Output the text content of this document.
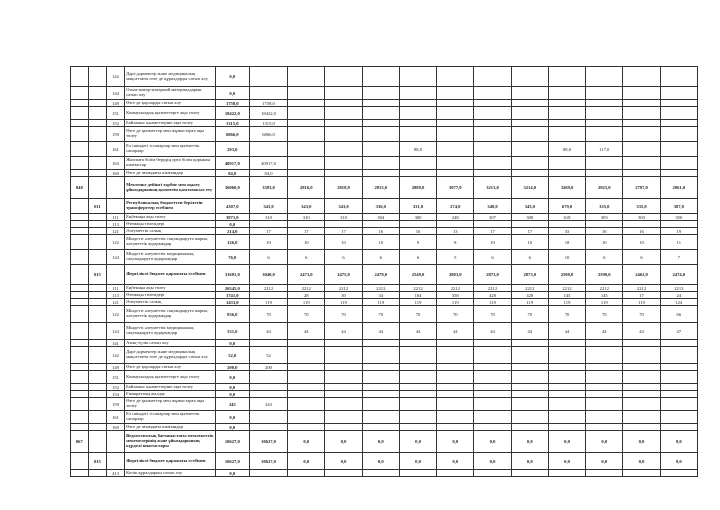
			142	Дәрі-дәрмектер және медициналық мақсаттағы өзге де құралдарды сатып алу	0,0												
			144	Отын-жағар-жағармай материалдарын сатып алу	0,0												
			149	Өзге де қорларды сатып алу	1758,0	1758,0											
			151	Коммуналдық қызметтерге ақы төлеу	18422,0	18422,0											
			152	Байланыс қызметтеріне ақы төлеу	1315,0	1315,0											
			159	Өзге де қызметтер мен жұмыстарға ақы төлеу	6866,0	6866,0											
			161	Ел ішіндегі іссапарлар мен қызметтік сапарлар	293,0					88,0				88,0	117,0		
			163	Жалпыға білім берудің орта білім қорынан шығыстар	40917,0	40917,0											
			169	Өзге де ағымдағы шығындар	84,0	84,0											
	040			Мектепке дейінгі тәрбие мен оқыту ұйымдарының қызметін қамтамасыз ету	36060,0	3383,0	2816,0	2818,0	2815,0	2880,0	3077,0	3213,0	3214,0	3269,0	2925,0	2797,0	2861,0
		011		Республикалық бюджеттен берілетін трансферттер есебінен	4307,0	343,0	343,0	343,0	336,0	331,0	274,0	340,0	343,0	679,0	335,0	335,0	387,0
			111	Еңбекақы ақы төлеу	3971,0	310	310	310	304	300	248	307	308	618	303	303	350
			113	Өтемақы төлемдері	0,0												
			121	Әлеуметтік салық	214,0	17	17	17	16	16	13	17	17	33	16	16	19
			122	Міндетті әлеуметтік сақтандыруға жарна, әлеуметтік аударымдар	126,0	10	10	10	10	9	8	10	10	18	10	10	11
			124	Міндетті әлеуметтік медициналық сақтандыруға аударымдар	76,0	6	6	6	6	6	5	6	6	10	6	6	7
		015		Жергілікті бюджет қаражаты есебінен	31681,0	3040,0	2473,0	2475,0	2479,0	2549,0	2803,0	2873,0	2873,0	2590,0	2590,0	2462,0	2474,0
			111	Еңбекақы ақы төлеу	26545,0	2212	2212	2212	2212	2212	2212	2212	2212	2212	2212	2212	2213
			113	Өтемақы төлемдері	1741,0		28	30	34	104	358	428	428	145	145	17	24
			121	Әлеуметтік салық	1433,0	119	119	119	119	119	119	119	119	119	119	119	124
			122	Міндетті әлеуметтік сақтандыруға жарна, әлеуметтік аударымдар	836,0	70	70	70	70	70	70	70	70	70	70	70	66
			124	Міндетті әлеуметтік медициналық сақтандыруға аударымдар	531,0	44	44	44	44	44	44	44	44	44	44	44	47
			141	Азық-түлік сатып алу	0,0												
			142	Дәрі-дәрмектер және медициналық мақсаттағы өзге де құралдарды сатып алу	52,0	52											
			149	Өзге де қорларды сатып алу	200,0	200											
			151	Коммуналдық қызметтерге ақы төлеу	0,0												
			152	Байланыс қызметтеріне ақы төлеу	0,0												
			154	Ғимараттың жалдау	0,0												
			159	Өзге де қызметтер мен жұмыстарға ақы төлеу	343	343											
			161	Ел ішіндегі іссапарлар мен қызметтік сапарлар	0,0												
			169	Өзге де ағымдағы шығындар	0,0												
	067			Ведомстволық бағыныстағы мемлекеттік мекемелерінің және ұйымдарының күрделі шығыстары	10627,0	10627,0	0,0	0,0	0,0	0,0	0,0	0,0	0,0	0,0	0,0	0,0	0,0
		015		Жергілікті бюджет қаражаты есебінен	10627,0	10627,0	0,0	0,0	0,0	0,0	0,0	0,0	0,0	0,0	0,0	0,0	0,0
			413	Көлік құралдарын сатып алу	0,0												
